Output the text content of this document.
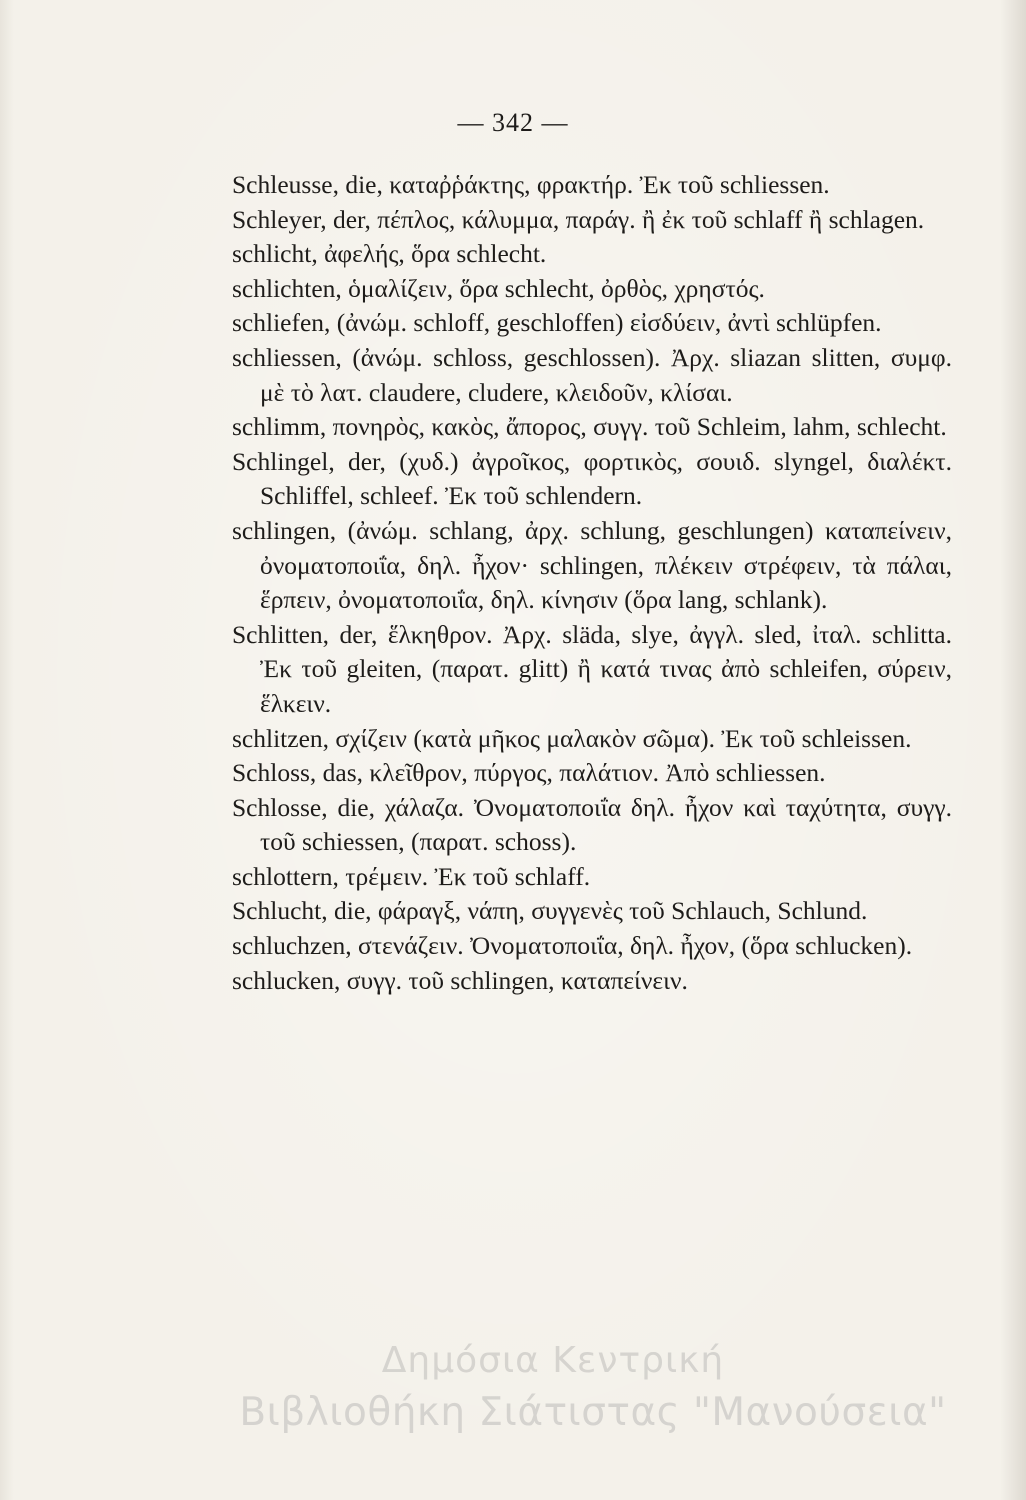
— 342 —

Schleusse, die, καταῤῥάκτης, φρακτήρ. Ἐκ τοῦ schliessen.

Schleyer, der, πέπλος, κάλυμμα, παράγ. ἢ ἐκ τοῦ schlaff ἢ schlagen.

schlicht, ἀφελής, ὅρα schlecht.

schlichten, ὁμαλίζειν, ὅρα schlecht, ὀρθὸς, χρηστός.

schliefen, (ἀνώμ. schloff, geschloffen) εἰσδύειν, ἀντὶ schlüpfen.

schliessen, (ἀνώμ. schloss, geschlossen). Ἀρχ. sliazan slitten, συμφ. μὲ τὸ λατ. claudere, cludere, κλειδοῦν, κλίσαι.

schlimm, πονηρὸς, κακὸς, ἄπορος, συγγ. τοῦ Schleim, lahm, schlecht.

Schlingel, der, (χυδ.) ἀγροῖκος, φορτικὸς, σουιδ. slyngel, διαλέκτ. Schliffel, schleef. Ἐκ τοῦ schlendern.

schlingen, (ἀνώμ. schlang, ἀρχ. schlung, geschlungen) καταπείνειν, ὀνοματοποιΐα, δηλ. ἦχον· schlingen, πλέκειν στρέφειν, τὰ πάλαι, ἕρπειν, ὀνοματοποιΐα, δηλ. κίνησιν (ὅρα lang, schlank).

Schlitten, der, ἕλκηθρον. Ἀρχ. släda, slye, ἀγγλ. sled, ἰταλ. schlitta. Ἐκ τοῦ gleiten, (παρατ. glitt) ἢ κατά τινας ἀπὸ schleifen, σύρειν, ἕλκειν.

schlitzen, σχίζειν (κατὰ μῆκος μαλακὸν σῶμα). Ἐκ τοῦ schleissen.

Schloss, das, κλεῖθρον, πύργος, παλάτιον. Ἀπὸ schliessen.

Schlosse, die, χάλαζα. Ὀνοματοποιΐα δηλ. ἦχον καὶ ταχύτητα, συγγ. τοῦ schiessen, (παρατ. schoss).

schlottern, τρέμειν. Ἐκ τοῦ schlaff.

Schlucht, die, φάραγξ, νάπη, συγγενὲς τοῦ Schlauch, Schlund.

schluchzen, στενάζειν. Ὀνοματοποιΐα, δηλ. ἦχον, (ὅρα schlucken).

schlucken, συγγ. τοῦ schlingen, καταπείνειν.

Δημόσια Κεντρική
Βιβλιοθήκη Σιάτιστας "Μανούσεια"
